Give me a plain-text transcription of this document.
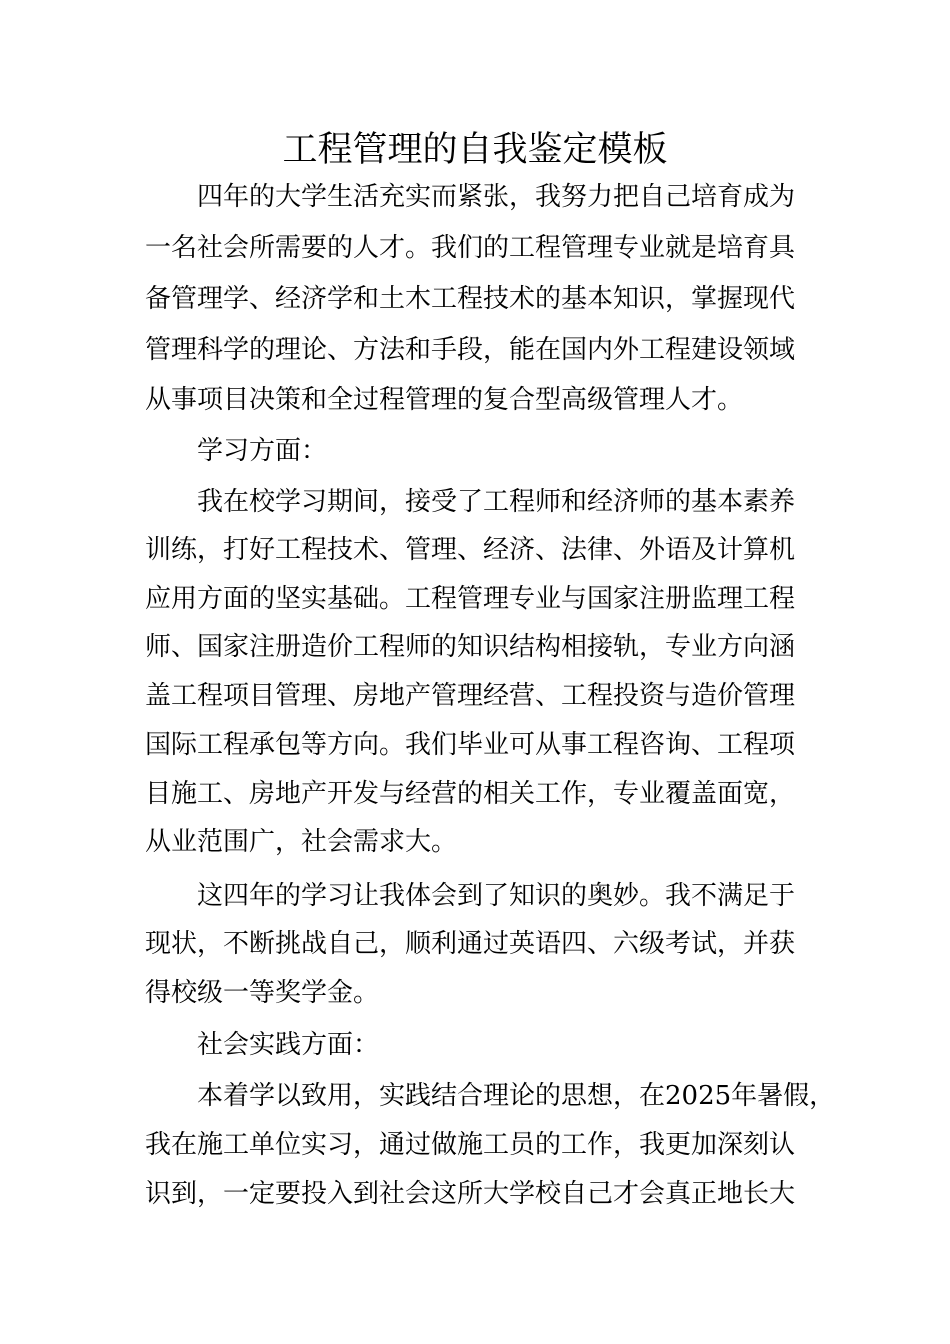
工程管理的自我鉴定模板
四年的大学生活充实而紧张，我努力把自己培育成为
一名社会所需要的人才。我们的工程管理专业就是培育具
备管理学、经济学和土木工程技术的基本知识，掌握现代
管理科学的理论、方法和手段，能在国内外工程建设领域
从事项目决策和全过程管理的复合型高级管理人才。
学习方面：
我在校学习期间，接受了工程师和经济师的基本素养
训练，打好工程技术、管理、经济、法律、外语及计算机
应用方面的坚实基础。工程管理专业与国家注册监理工程
师、国家注册造价工程师的知识结构相接轨，专业方向涵
盖工程项目管理、房地产管理经营、工程投资与造价管理
国际工程承包等方向。我们毕业可从事工程咨询、工程项
目施工、房地产开发与经营的相关工作，专业覆盖面宽，
从业范围广，社会需求大。
这四年的学习让我体会到了知识的奥妙。我不满足于
现状，不断挑战自己，顺利通过英语四、六级考试，并获
得校级一等奖学金。
社会实践方面：
本着学以致用，实践结合理论的思想，在2025年暑假，
我在施工单位实习，通过做施工员的工作，我更加深刻认
识到，一定要投入到社会这所大学校自己才会真正地长大
